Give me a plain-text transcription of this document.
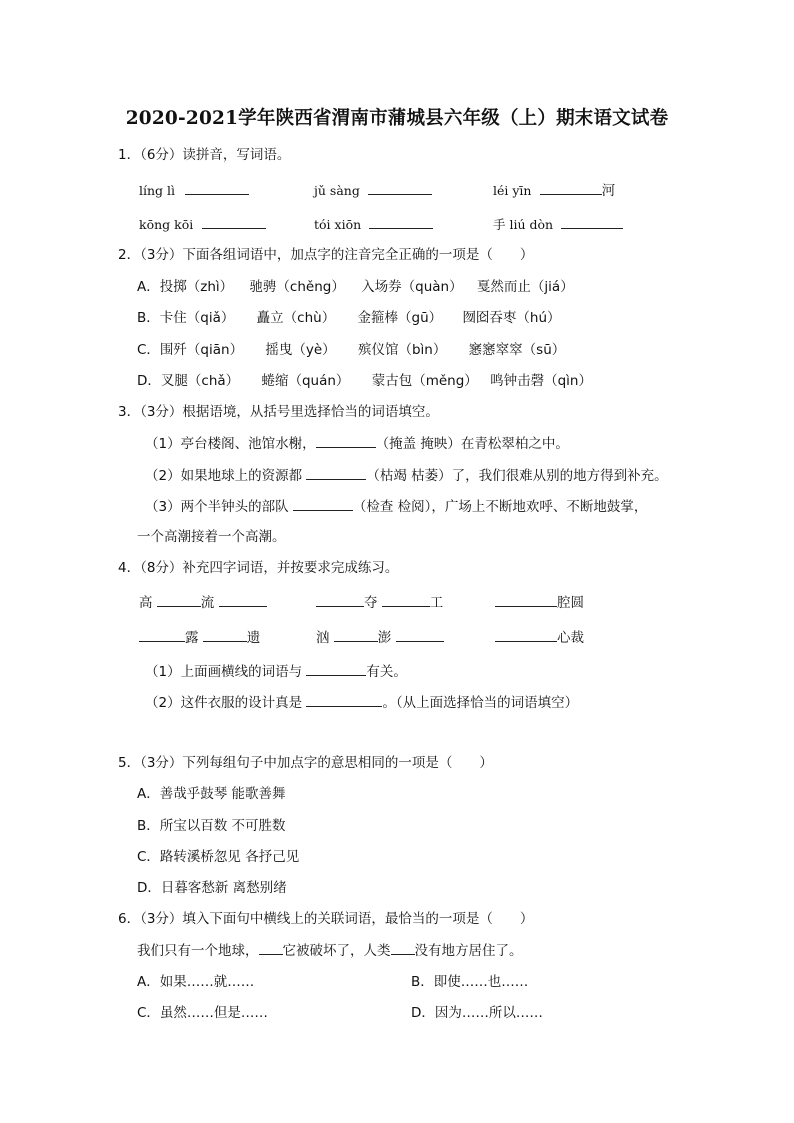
2020-2021学年陕西省渭南市蒲城县六年级（上）期末语文试卷
1．（6分）读拼音，写词语。
líng lì	jǔ sàng	léi yīn	河
kōng kōi	tói xiōn	手 liú dòn
2．（3分）下面各组词语中，加点字的注音完全正确的一项是（　　）
A．投掷（zhì） 驰骋（chěng） 入场券（quàn） 戛然而止（jiá）
B．卡住（qiǎ） 矗立（chù） 金箍棒（gū） 囫囵吞枣（hú）
C．围歼（qiān） 摇曳（yè） 殡仪馆（bìn） 窸窸窣窣（sū）
D．叉腿（chǎ） 蜷缩（quán） 蒙古包（měng） 鸣钟击磬（qìn）
3．（3分）根据语境，从括号里选择恰当的词语填空。
（1）亭台楼阁、池馆水榭，	（掩盖 掩映）在青松翠柏之中。
（2）如果地球上的资源都	（枯竭 枯萎）了，我们很难从别的地方得到补充。
（3）两个半钟头的部队	（检查 检阅），广场上不断地欢呼、不断地鼓掌，
一个高潮接着一个高潮。
4．（8分）补充四字词语，并按要求完成练习。
高	流	夺	工	腔圆
露	遗	汹	澎	心裁
（1）上面画横线的词语与	有关。
（2）这件衣服的设计真是	。（从上面选择恰当的词语填空）
5．（3分）下列每组句子中加点字的意思相同的一项是（　　）
A．善哉乎鼓琴 能歌善舞
B．所宝以百数 不可胜数
C．路转溪桥忽见 各抒己见
D．日暮客愁新 离愁别绪
6．（3分）填入下面句中横线上的关联词语，最恰当的一项是（　　）
我们只有一个地球， 它被破坏了，人类 没有地方居住了。
A．如果……就……	B．即使……也……
C．虽然……但是……	D．因为……所以……
